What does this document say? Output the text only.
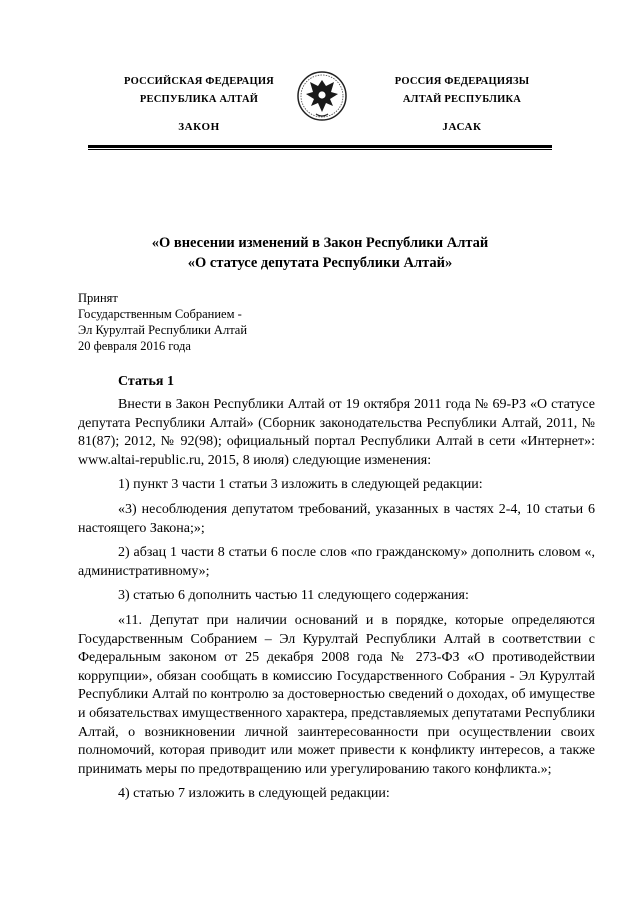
РОССИЙСКАЯ ФЕДЕРАЦИЯ
РЕСПУБЛИКА АЛТАЙ
ЗАКОН
РОССИЯ ФЕДЕРАЦИЯЗЫ
АЛТАЙ РЕСПУБЛИКА
JАСАК
«О внесении изменений в Закон Республики Алтай
«О статусе депутата Республики Алтай»
Принят
Государственным Собранием -
Эл Курултай Республики Алтай
20 февраля 2016 года
Статья 1

Внести в Закон Республики Алтай от 19 октября 2011 года № 69-РЗ «О статусе депутата Республики Алтай» (Сборник законодательства Республики Алтай, 2011, № 81(87); 2012, № 92(98); официальный портал Республики Алтай в сети «Интернет»: www.altai-republic.ru, 2015, 8 июля) следующие изменения:

1) пункт 3 части 1 статьи 3 изложить в следующей редакции:

«3) несоблюдения депутатом требований, указанных в частях 2-4, 10 статьи 6 настоящего Закона;»;

2) абзац 1 части 8 статьи 6 после слов «по гражданскому» дополнить словом «, административному»;

3) статью 6 дополнить частью 11 следующего содержания:

«11. Депутат при наличии оснований и в порядке, которые определяются Государственным Собранием – Эл Курултай Республики Алтай в соответствии с Федеральным законом от 25 декабря 2008 года № 273-ФЗ «О противодействии коррупции», обязан сообщать в комиссию Государственного Собрания - Эл Курултай Республики Алтай по контролю за достоверностью сведений о доходах, об имуществе и обязательствах имущественного характера, представляемых депутатами Республики Алтай, о возникновении личной заинтересованности при осуществлении своих полномочий, которая приводит или может привести к конфликту интересов, а также принимать меры по предотвращению или урегулированию такого конфликта.»;

4) статью 7 изложить в следующей редакции:
